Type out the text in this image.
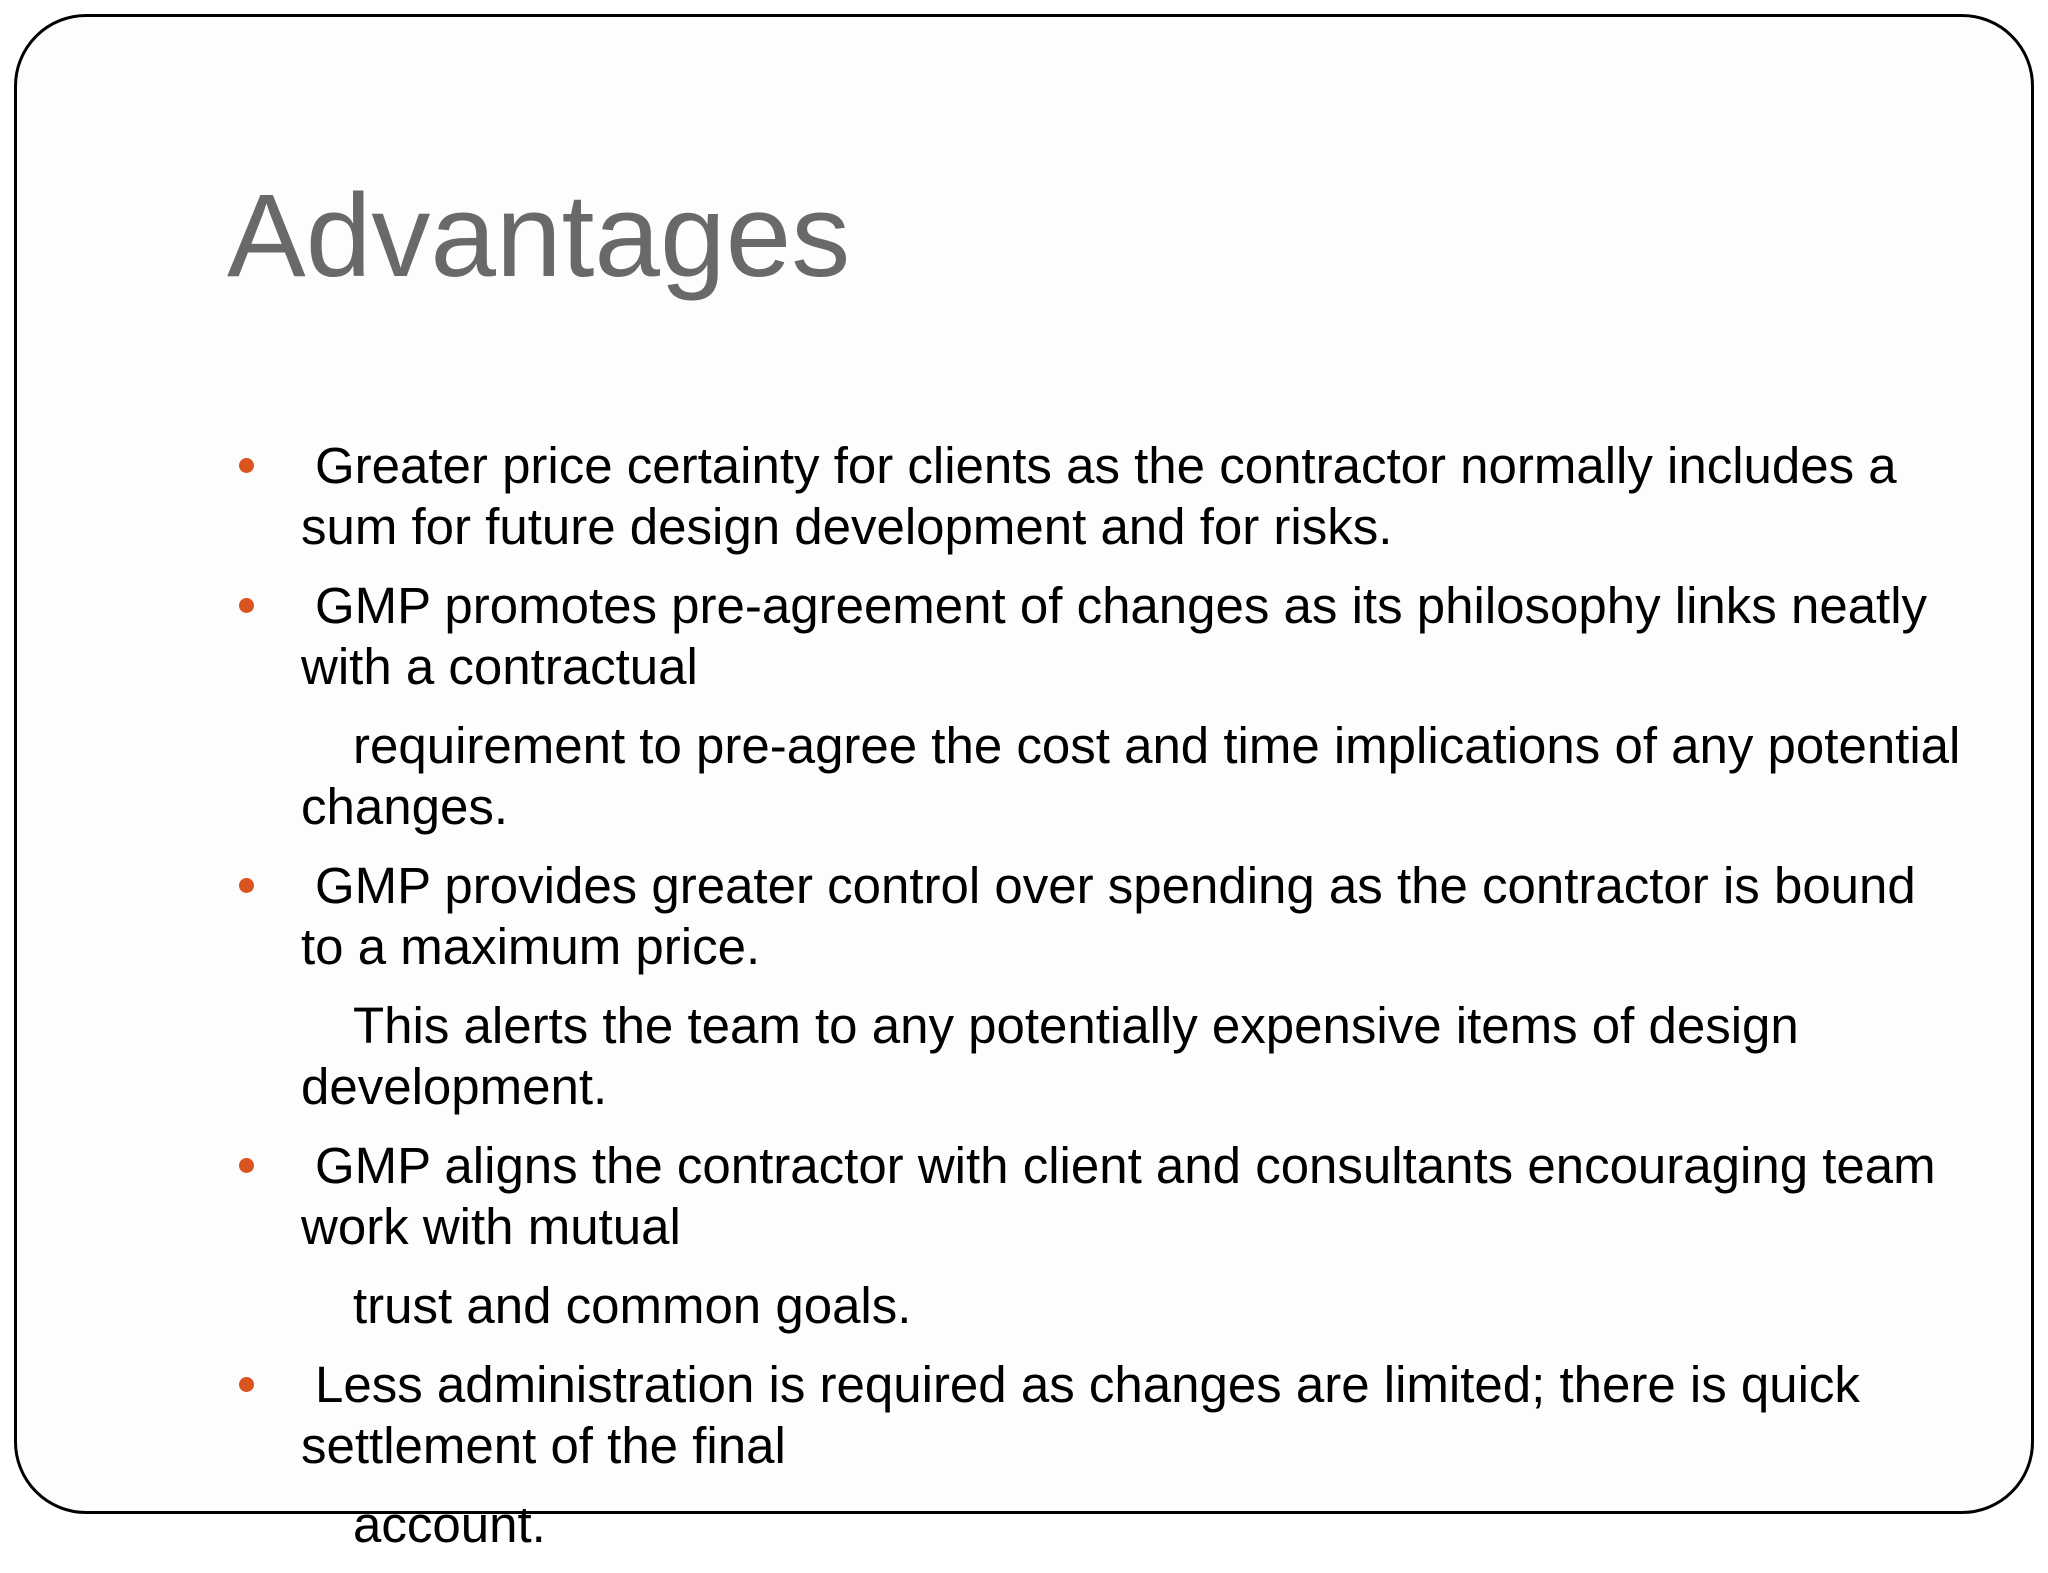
Advantages
Greater price certainty for clients as the contractor normally includes a sum for future design development and for risks.
GMP promotes pre-agreement of changes as its philosophy links neatly with a contractual
requirement to pre-agree the cost and time implications of any potential changes.
GMP provides greater control over spending as the contractor is bound to a maximum price.
This alerts the team to any potentially expensive items of design development.
GMP aligns the contractor with client and consultants encouraging team work with mutual
trust and common goals.
Less administration is required as changes are limited; there is quick settlement of the final
account.
